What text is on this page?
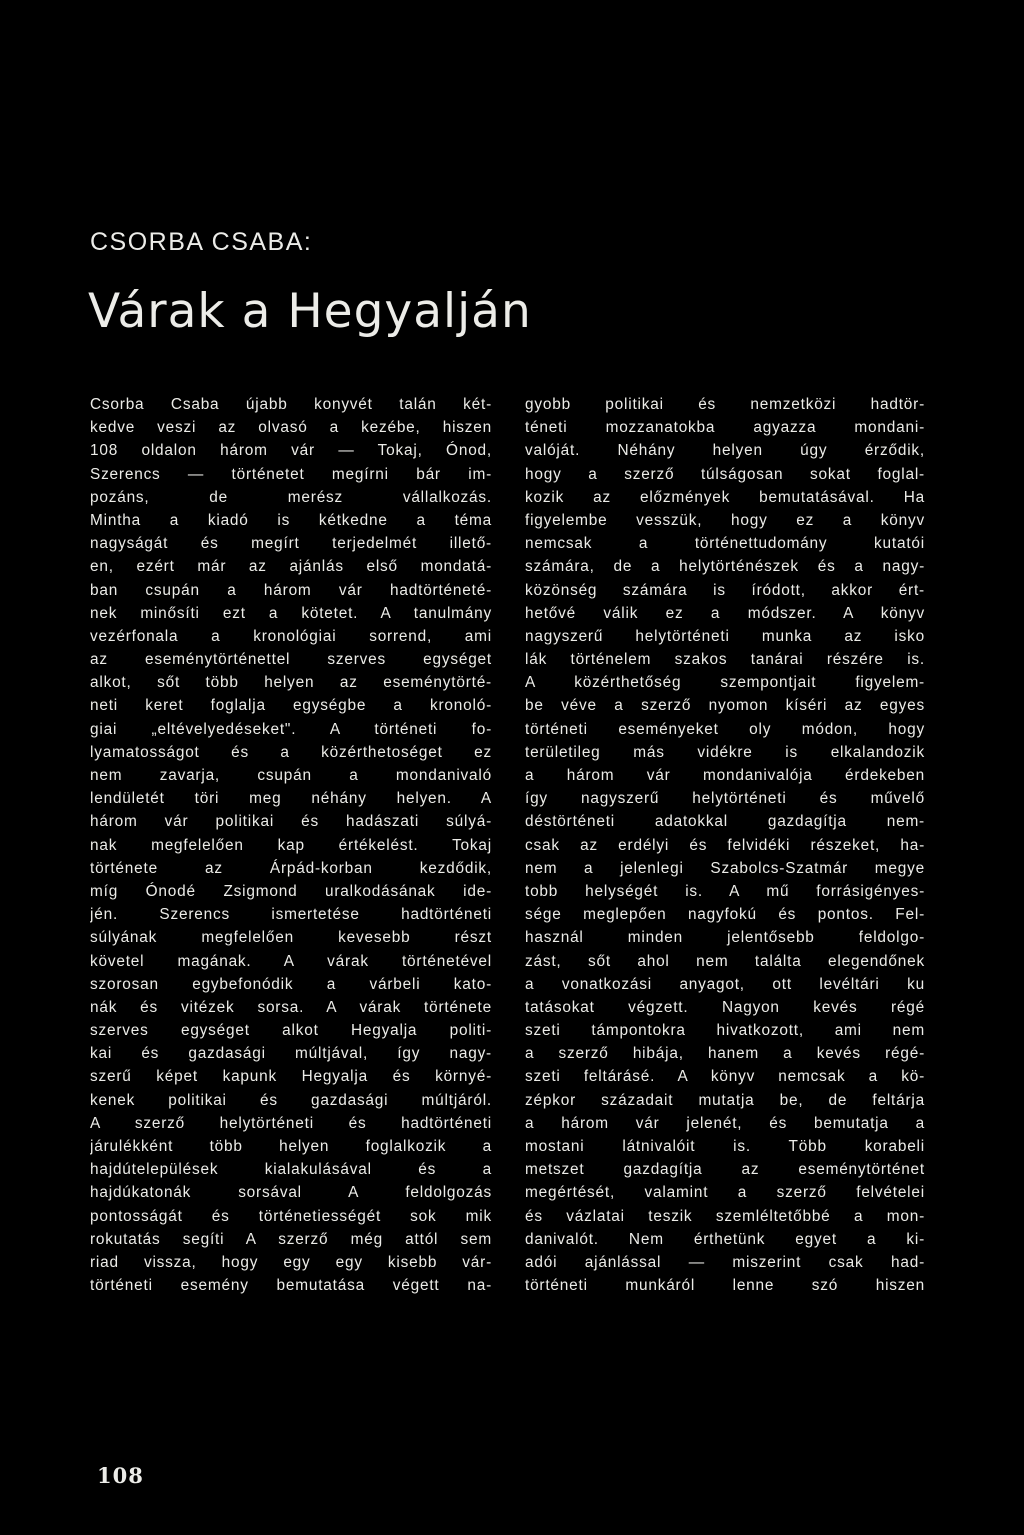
CSORBA CSABA:
Várak a Hegyalján
Csorba Csaba újabb konyvét talán két-
kedve veszi az olvasó a kezébe, hiszen
108 oldalon három vár — Tokaj, Ónod,
Szerencs — történetet megírni bár im-
pozáns, de merész vállalkozás.
Mintha a kiadó is kétkedne a téma
nagyságát és megírt terjedelmét illető-
en, ezért már az ajánlás első mondatá-
ban csupán a három vár hadtörténeté-
nek minősíti ezt a kötetet. A tanulmány
vezérfonala a kronológiai sorrend, ami
az eseménytörténettel szerves egységet
alkot, sőt több helyen az eseménytörté-
neti keret foglalja egységbe a kronoló-
giai „eltévelyedéseket". A történeti fo-
lyamatosságot és a közérthetoséget ez
nem zavarja, csupán a mondanivaló
lendületét töri meg néhány helyen. A
három vár politikai és hadászati súlyá-
nak megfelelően kap értékelést. Tokaj
története az Árpád-korban kezdődik,
míg Ónodé Zsigmond uralkodásának ide-
jén. Szerencs ismertetése hadtörténeti
súlyának megfelelően kevesebb részt
követel magának. A várak történetével
szorosan egybefonódik a várbeli kato-
nák és vitézek sorsa. A várak története
szerves egységet alkot Hegyalja politi-
kai és gazdasági múltjával, így nagy-
szerű képet kapunk Hegyalja és környé-
kenek politikai és gazdasági múltjáról.
A szerző helytörténeti és hadtörténeti
járulékként több helyen foglalkozik a
hajdútelepülések kialakulásával és a
hajdúkatonák sorsával A feldolgozás
pontosságát és történetiességét sok mik
rokutatás segíti A szerző még attól sem
riad vissza, hogy egy egy kisebb vár-
történeti esemény bemutatása végett na-
gyobb politikai és nemzetközi hadtör-
téneti mozzanatokba agyazza mondani-
valóját. Néhány helyen úgy érződik,
hogy a szerző túlságosan sokat foglal-
kozik az előzmények bemutatásával. Ha
figyelembe vesszük, hogy ez a könyv
nemcsak a történettudomány kutatói
számára, de a helytörténészek és a nagy-
közönség számára is íródott, akkor ért-
hetővé válik ez a módszer. A könyv
nagyszerű helytörténeti munka az isko
lák történelem szakos tanárai részére is.
A közérthetőség szempontjait figyelem-
be véve a szerző nyomon kíséri az egyes
történeti eseményeket oly módon, hogy
területileg más vidékre is elkalandozik
a három vár mondanivalója érdekeben
így nagyszerű helytörténeti és művelő
déstörténeti adatokkal gazdagítja nem-
csak az erdélyi és felvidéki részeket, ha-
nem a jelenlegi Szabolcs-Szatmár megye
tobb helységét is. A mű forrásigényes-
sége meglepően nagyfokú és pontos. Fel-
használ minden jelentősebb feldolgo-
zást, sőt ahol nem találta elegendőnek
a vonatkozási anyagot, ott levéltári ku
tatásokat végzett. Nagyon kevés régé
szeti támpontokra hivatkozott, ami nem
a szerző hibája, hanem a kevés régé-
szeti feltárásé. A könyv nemcsak a kö-
zépkor századait mutatja be, de feltárja
a három vár jelenét, és bemutatja a
mostani látnivalóit is. Több korabeli
metszet gazdagítja az eseménytörténet
megértését, valamint a szerző felvételei
és vázlatai teszik szemléltetőbbé a mon-
danivalót. Nem érthetünk egyet a ki-
adói ajánlással — miszerint csak had-
történeti munkáról lenne szó hiszen
108
